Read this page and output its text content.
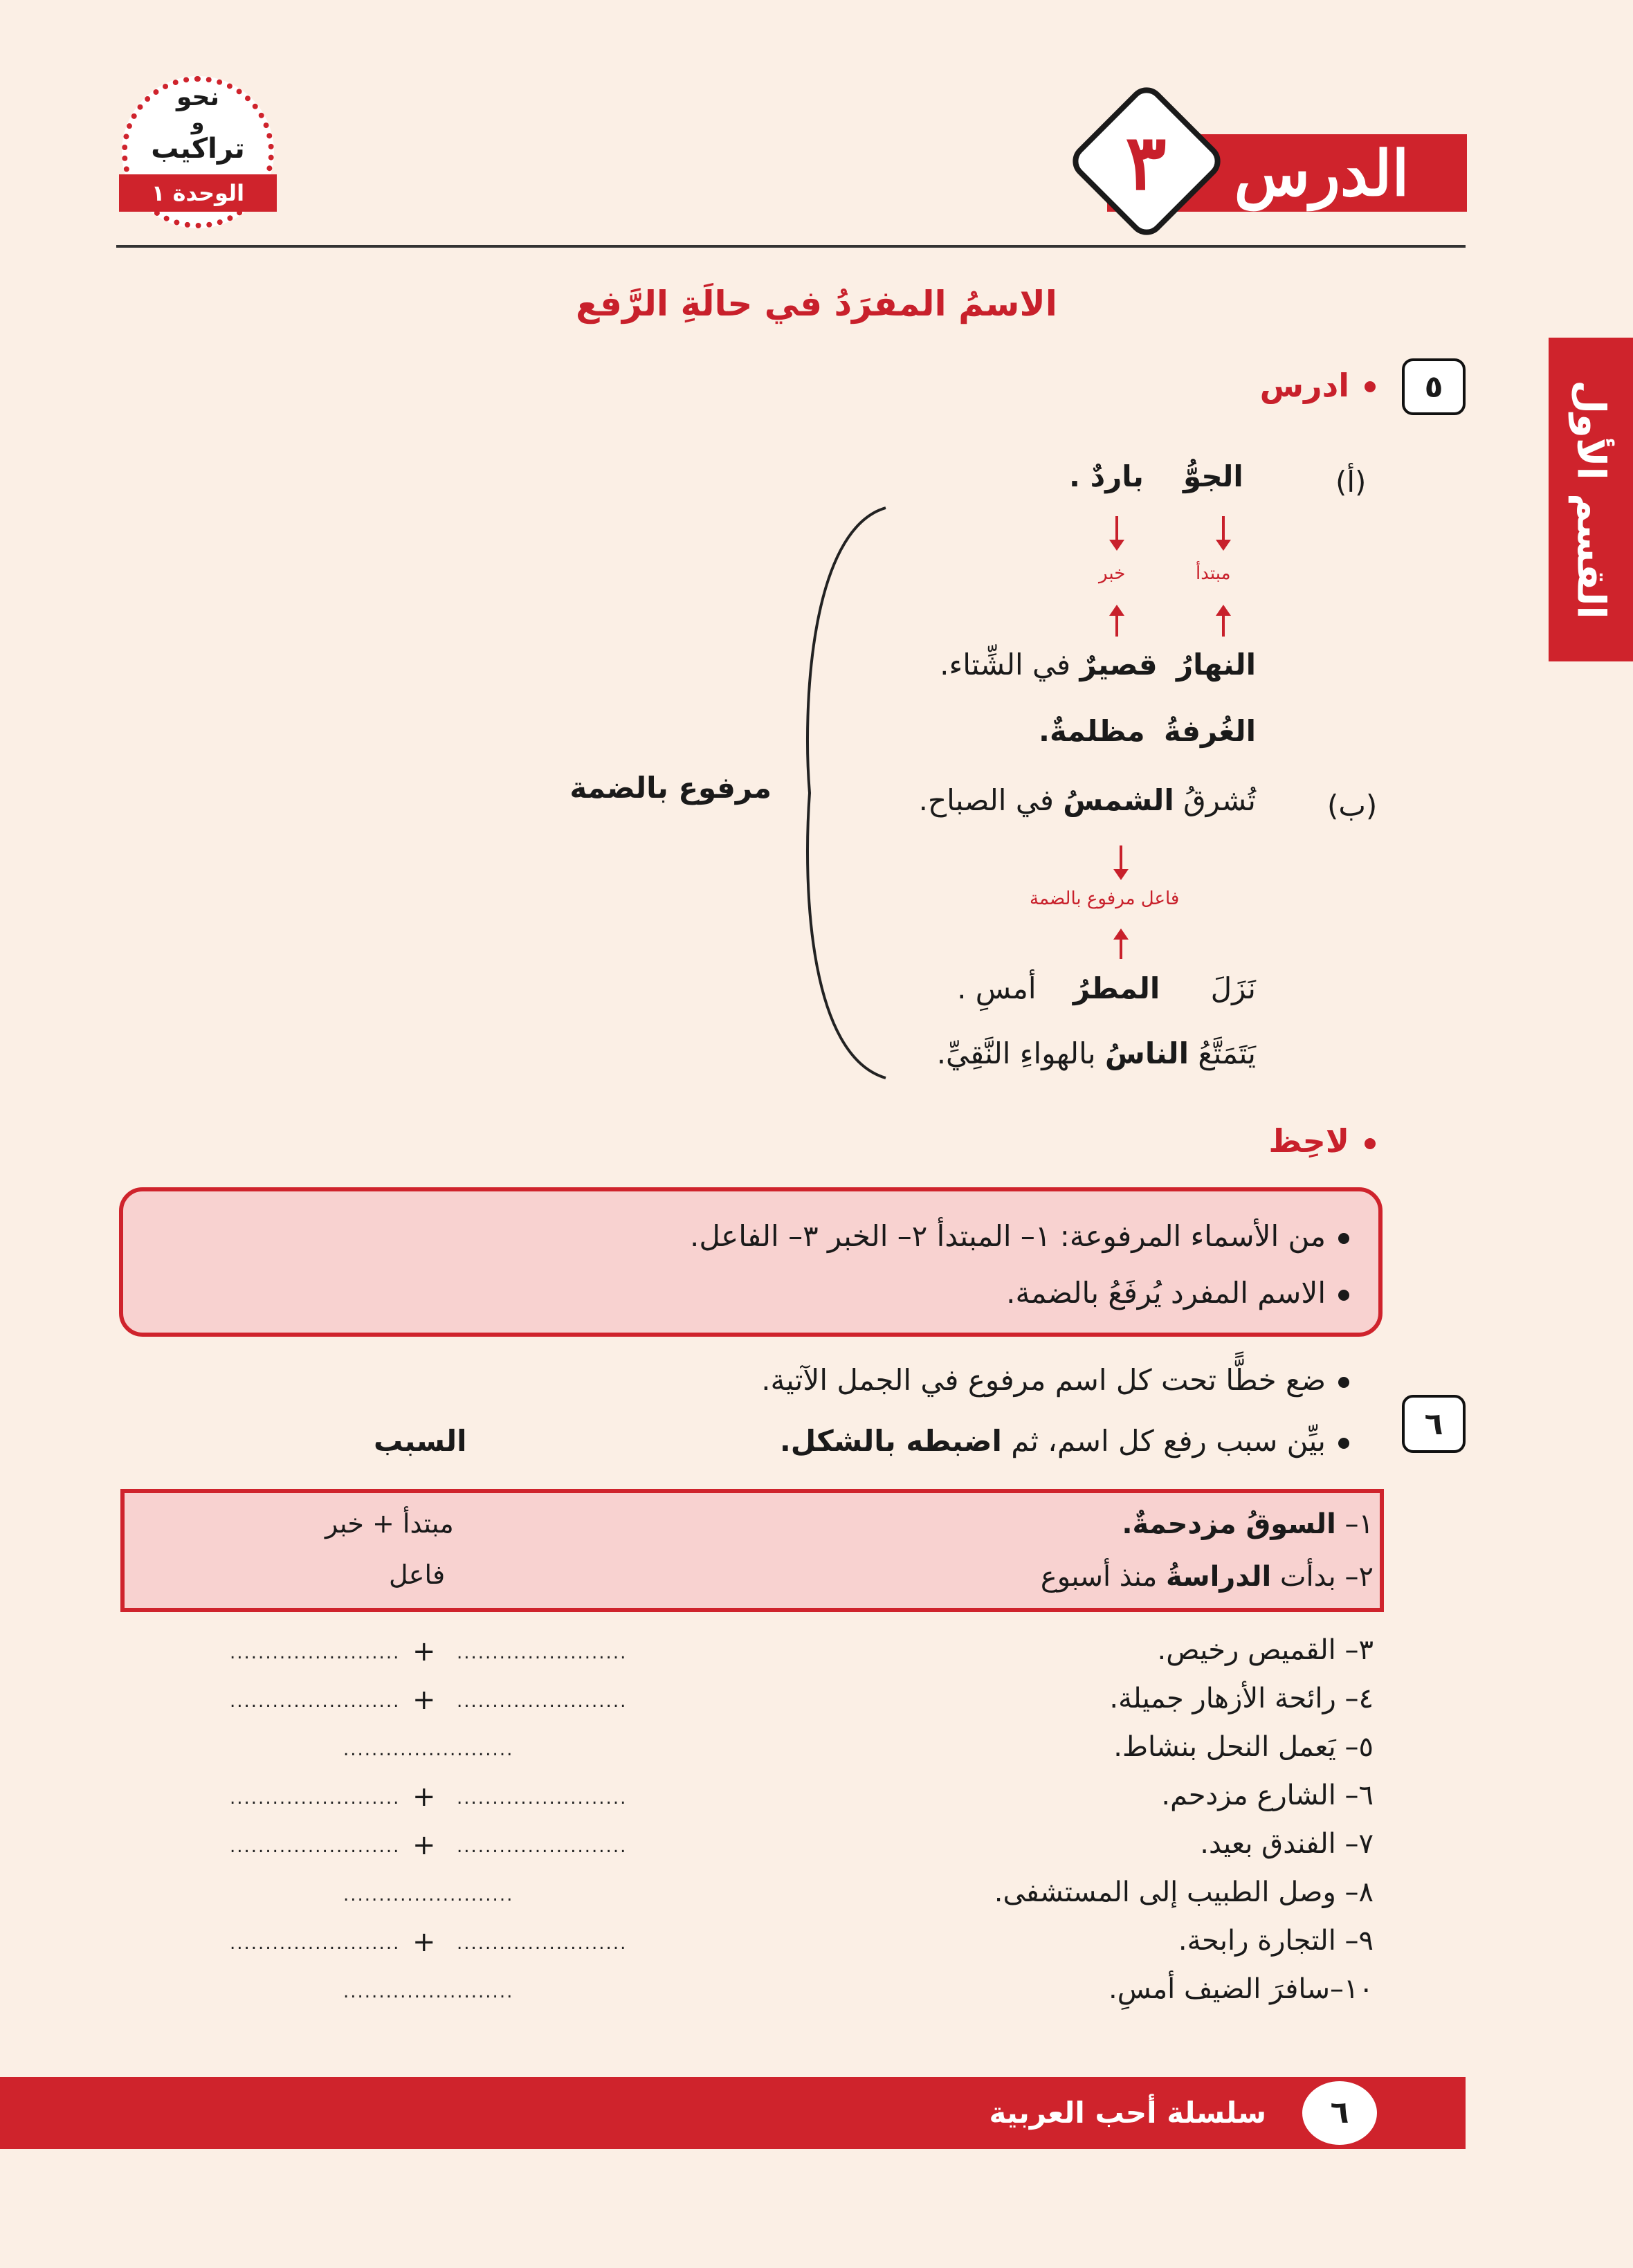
نحو
و
تراكيب
الوحدة ١	الدرس
٣
القسم الأول
الاسمُ المفرَدُ في حالَةِ الرَّفع
٥
ادرس
(أ)
الجوُّ
باردٌ .
مبتدأ
خبر
النهارُ قصيرٌ في الشِّتاء.
الغُرفةُ مظلمةٌ.
(ب)
تُشرقُ الشمسُ في الصباح.
فاعل مرفوع بالضمة
نَزَلَ المطرُ أمسِ .
يَتَمَتَّعُ الناسُ بالهواءِ النَّقِيِّ.
مرفوع بالضمة
لاحِظ
من الأسماء المرفوعة: ١– المبتدأ ٢– الخبر ٣– الفاعل.
الاسم المفرد يُرفَعُ بالضمة.
٦
ضع خطًّا تحت كل اسم مرفوع في الجمل الآتية.
بيِّن سبب رفع كل اسم، ثم اضبطه بالشكل.
السبب
١– السوقُ مزدحمةٌ.
مبتدأ + خبر
٢– بدأت الدراسةُ منذ أسبوع
فاعل
٣– القميص رخيص.
٤– رائحة الأزهار جميلة.
٥– يَعمل النحل بنشاط.
٦– الشارع مزدحم.
٧– الفندق بعيد.
٨– وصل الطبيب إلى المستشفى.
٩– التجارة رابحة.
١٠–سافرَ الضيف أمسِ.
........................
+
........................
........................
+
........................
........................
........................
+
........................
........................
+
........................
........................
........................
+
........................
........................
سلسلة أحب العربية	٦
